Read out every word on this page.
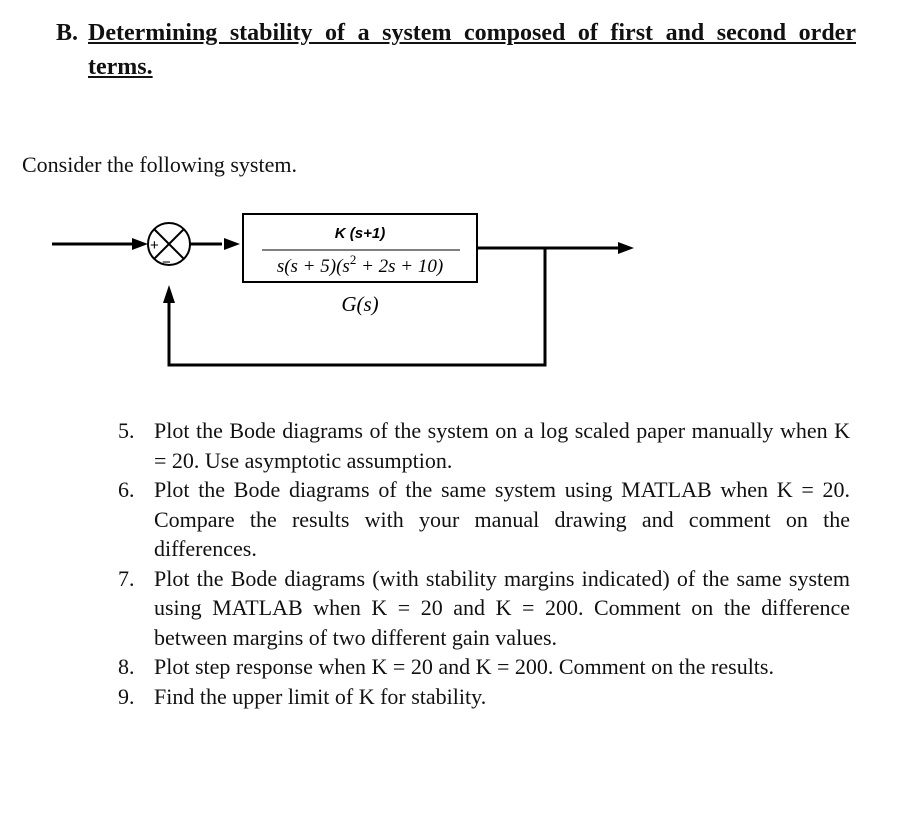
B. Determining stability of a system composed of first and second order terms.
Consider the following system.
+
−
K (s+1)
$s(s + 5)(s^2 + 2s + 10)$
G(s)
5. Plot the Bode diagrams of the system on a log scaled paper manually when K = 20. Use asymptotic assumption.
6. Plot the Bode diagrams of the same system using MATLAB when K = 20. Compare the results with your manual drawing and comment on the differences.
7. Plot the Bode diagrams (with stability margins indicated) of the same system using MATLAB when K = 20 and K = 200. Comment on the difference between margins of two different gain values.
8. Plot step response when K = 20 and K = 200. Comment on the results.
9. Find the upper limit of K for stability.
